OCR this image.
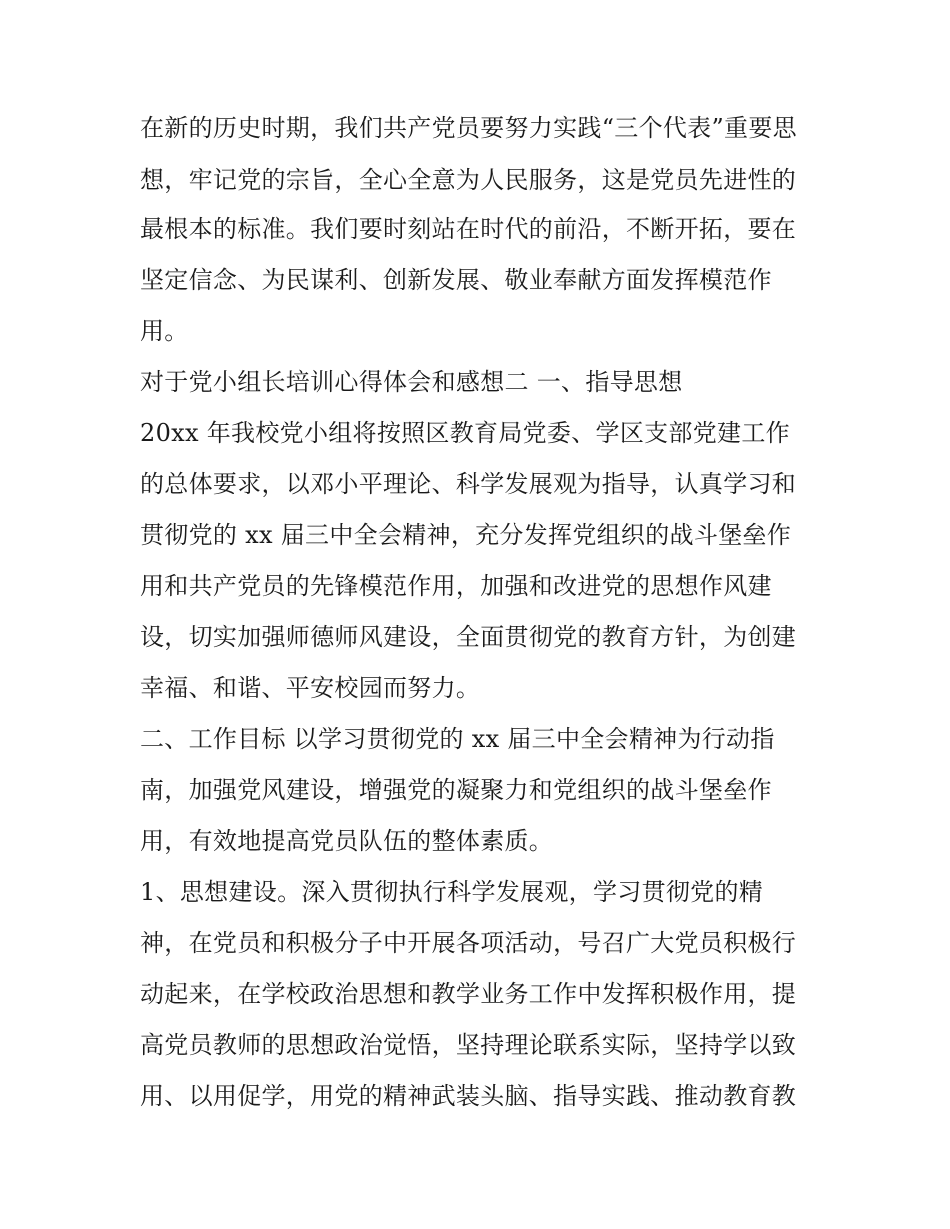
在新的历史时期，我们共产党员要努力实践“三个代表”重要思

想，牢记党的宗旨，全心全意为人民服务，这是党员先进性的

最根本的标准。我们要时刻站在时代的前沿，不断开拓，要在

坚定信念、为民谋利、创新发展、敬业奉献方面发挥模范作

用。

对于党小组长培训心得体会和感想二 一、指导思想

20xx 年我校党小组将按照区教育局党委、学区支部党建工作

的总体要求，以邓小平理论、科学发展观为指导，认真学习和

贯彻党的 xx 届三中全会精神，充分发挥党组织的战斗堡垒作

用和共产党员的先锋模范作用，加强和改进党的思想作风建

设，切实加强师德师风建设，全面贯彻党的教育方针，为创建

幸福、和谐、平安校园而努力。

二、工作目标 以学习贯彻党的 xx 届三中全会精神为行动指

南，加强党风建设，增强党的凝聚力和党组织的战斗堡垒作

用，有效地提高党员队伍的整体素质。

1、思想建设。深入贯彻执行科学发展观，学习贯彻党的精

神，在党员和积极分子中开展各项活动，号召广大党员积极行

动起来，在学校政治思想和教学业务工作中发挥积极作用，提

高党员教师的思想政治觉悟，坚持理论联系实际，坚持学以致

用、以用促学，用党的精神武装头脑、指导实践、推动教育教
